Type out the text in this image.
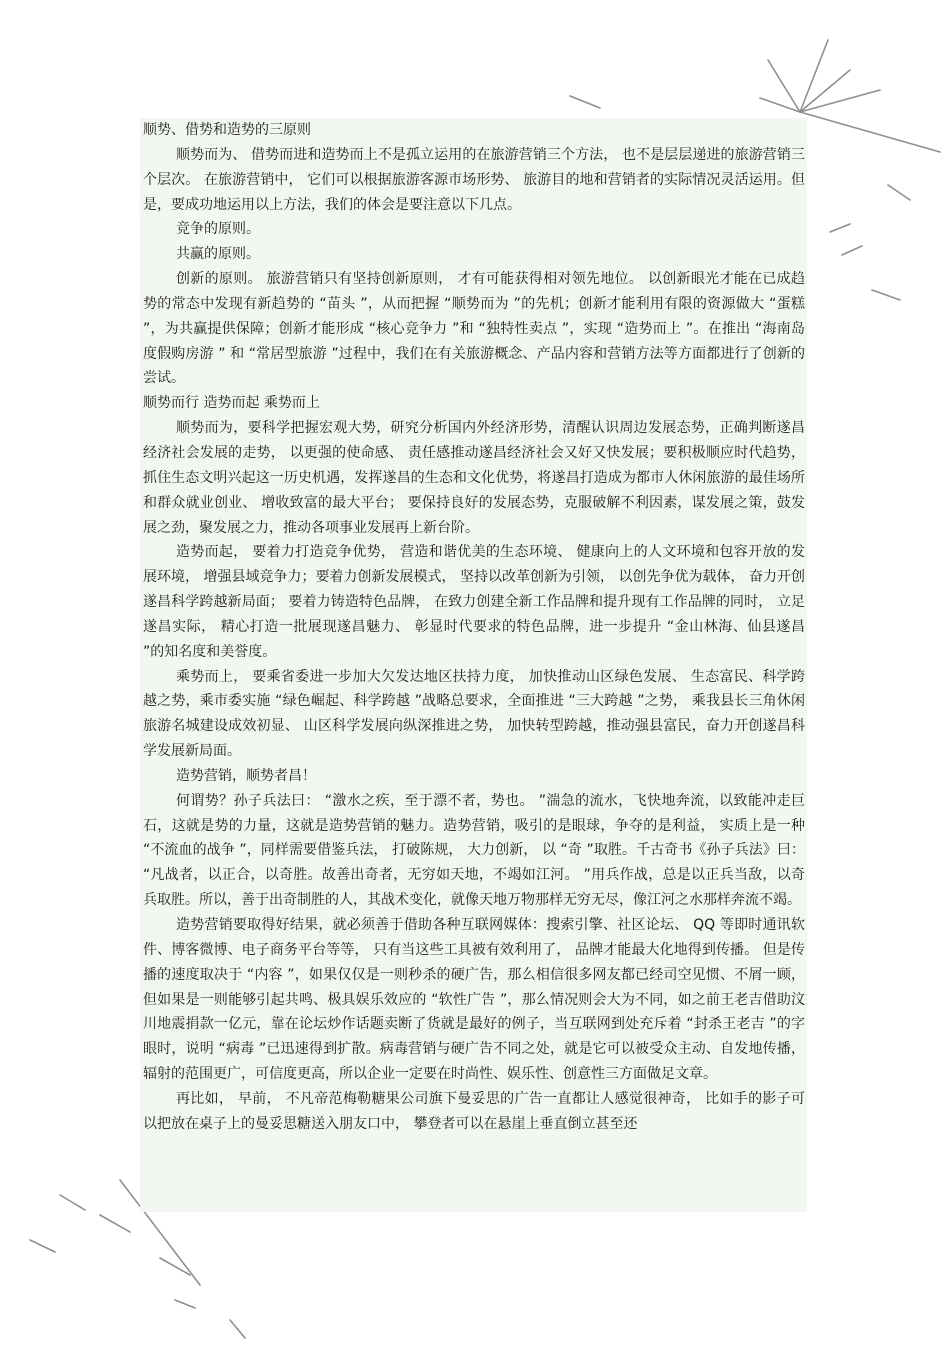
顺势、借势和造势的三原则

顺势而为、 借势而进和造势而上不是孤立运用的在旅游营销三个方法， 也不是层层递进的旅游营销三个层次。 在旅游营销中， 它们可以根据旅游客源市场形势、 旅游目的地和营销者的实际情况灵活运用。但是，要成功地运用以上方法，我们的体会是要注意以下几点。

竞争的原则。

共赢的原则。

创新的原则。 旅游营销只有坚持创新原则， 才有可能获得相对领先地位。 以创新眼光才能在已成趋势的常态中发现有新趋势的 “苗头 ”，从而把握 “顺势而为 ”的先机；创新才能利用有限的资源做大 “蛋糕 ”，为共赢提供保障；创新才能形成 “核心竞争力 ”和 “独特性卖点 ”，实现 “造势而上 ”。在推出 “海南岛度假购房游 ” 和 “常居型旅游 ”过程中，我们在有关旅游概念、产品内容和营销方法等方面都进行了创新的尝试。

顺势而行 造势而起 乘势而上

顺势而为，要科学把握宏观大势，研究分析国内外经济形势，清醒认识周边发展态势，正确判断遂昌经济社会发展的走势， 以更强的使命感、 责任感推动遂昌经济社会又好又快发展；要积极顺应时代趋势，抓住生态文明兴起这一历史机遇，发挥遂昌的生态和文化优势，将遂昌打造成为都市人休闲旅游的最佳场所和群众就业创业、 增收致富的最大平台； 要保持良好的发展态势，克服破解不利因素，谋发展之策，鼓发展之劲，聚发展之力，推动各项事业发展再上新台阶。

造势而起， 要着力打造竞争优势， 营造和谐优美的生态环境、 健康向上的人文环境和包容开放的发展环境， 增强县域竞争力；要着力创新发展模式， 坚持以改革创新为引领， 以创先争优为载体， 奋力开创遂昌科学跨越新局面； 要着力铸造特色品牌， 在致力创建全新工作品牌和提升现有工作品牌的同时， 立足遂昌实际， 精心打造一批展现遂昌魅力、 彰显时代要求的特色品牌，进一步提升 “金山林海、仙县遂昌 ”的知名度和美誉度。

乘势而上， 要乘省委进一步加大欠发达地区扶持力度， 加快推动山区绿色发展、 生态富民、科学跨越之势，乘市委实施 “绿色崛起、科学跨越 ”战略总要求，全面推进 “三大跨越 ”之势， 乘我县长三角休闲旅游名城建设成效初显、 山区科学发展向纵深推进之势， 加快转型跨越，推动强县富民，奋力开创遂昌科学发展新局面。

造势营销，顺势者昌！

何谓势？孙子兵法曰： “激水之疾，至于漂不者，势也。 ”湍急的流水，飞快地奔流，以致能冲走巨石，这就是势的力量，这就是造势营销的魅力。造势营销，吸引的是眼球，争夺的是利益， 实质上是一种 “不流血的战争 ”，同样需要借鉴兵法， 打破陈规， 大力创新， 以 “奇 ”取胜。千古奇书《孙子兵法》曰： “凡战者，以正合，以奇胜。故善出奇者，无穷如天地，不竭如江河。 ”用兵作战，总是以正兵当敌，以奇兵取胜。所以，善于出奇制胜的人，其战术变化，就像天地万物那样无穷无尽，像江河之水那样奔流不竭。

造势营销要取得好结果，就必须善于借助各种互联网媒体：搜索引擎、社区论坛、 QQ 等即时通讯软件、博客微博、电子商务平台等等， 只有当这些工具被有效利用了， 品牌才能最大化地得到传播。 但是传播的速度取决于 “内容 ”，如果仅仅是一则秒杀的硬广告，那么相信很多网友都已经司空见惯、不屑一顾，但如果是一则能够引起共鸣、极具娱乐效应的 “软性广告 ”，那么情况则会大为不同，如之前王老吉借助汶川地震捐款一亿元，靠在论坛炒作话题卖断了货就是最好的例子，当互联网到处充斥着 “封杀王老吉 ”的字眼时，说明 “病毒 ”已迅速得到扩散。病毒营销与硬广告不同之处，就是它可以被受众主动、自发地传播， 辐射的范围更广，可信度更高，所以企业一定要在时尚性、娱乐性、创意性三方面做足文章。

再比如， 早前， 不凡帝范梅勒糖果公司旗下曼妥思的广告一直都让人感觉很神奇， 比如手的影子可以把放在桌子上的曼妥思糖送入朋友口中， 攀登者可以在悬崖上垂直倒立甚至还
